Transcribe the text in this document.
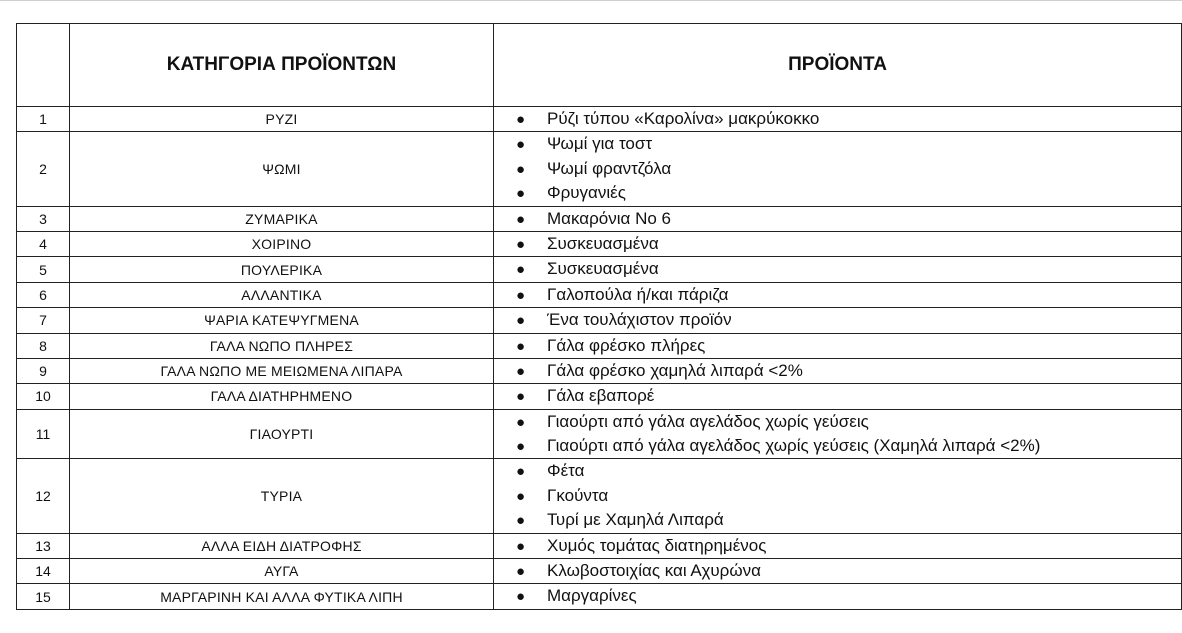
	ΚΑΤΗΓΟΡΙΑ ΠΡΟΪΟΝΤΩΝ	ΠΡΟΪΟΝΤΑ
1	ΡΥΖΙ	● Ρύζι τύπου «Καρολίνα» μακρύκοκκο

2	ΨΩΜΙ	● Ψωμί για τοστ
● Ψωμί φραντζόλα
● Φρυγανιές

3	ΖΥΜΑΡΙΚΑ	● Μακαρόνια Νο 6

4	ΧΟΙΡΙΝΟ	● Συσκευασμένα

5	ΠΟΥΛΕΡΙΚΑ	● Συσκευασμένα

6	ΑΛΛΑΝΤΙΚΑ	● Γαλοπούλα ή/και πάριζα

7	ΨΑΡΙΑ ΚΑΤΕΨΥΓΜΕΝΑ	● Ένα τουλάχιστον προϊόν

8	ΓΑΛΑ ΝΩΠΟ ΠΛΗΡΕΣ	● Γάλα φρέσκο πλήρες

9	ΓΑΛΑ ΝΩΠΟ ΜΕ ΜΕΙΩΜΕΝΑ ΛΙΠΑΡΑ	● Γάλα φρέσκο χαμηλά λιπαρά <2%

10	ΓΑΛΑ ΔΙΑΤΗΡΗΜΕΝΟ	● Γάλα εβαπορέ

11	ΓΙΑΟΥΡΤΙ	● Γιαούρτι από γάλα αγελάδος χωρίς γεύσεις
● Γιαούρτι από γάλα αγελάδος χωρίς γεύσεις (Χαμηλά λιπαρά <2%)

12	ΤΥΡΙΑ	● Φέτα
● Γκούντα
● Τυρί με Χαμηλά Λιπαρά

13	ΑΛΛΑ ΕΙΔΗ ΔΙΑΤΡΟΦΗΣ	● Χυμός τομάτας διατηρημένος

14	ΑΥΓΑ	● Κλωβοστοιχίας και Αχυρώνα

15	ΜΑΡΓΑΡΙΝΗ ΚΑΙ ΑΛΛΑ ΦΥΤΙΚΑ ΛΙΠΗ	● Μαργαρίνες
